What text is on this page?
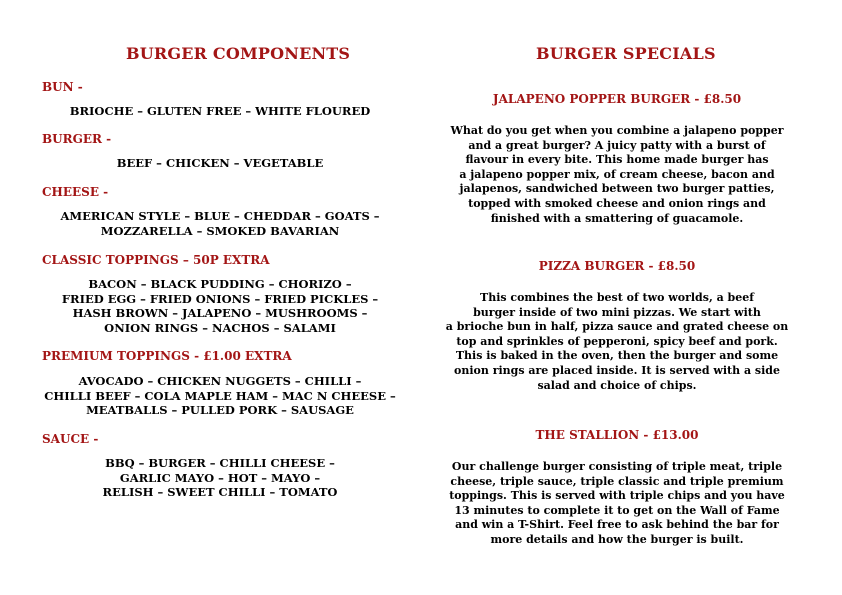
BURGER COMPONENTS
BUN -
BRIOCHE – GLUTEN FREE – WHITE FLOURED
BURGER -
BEEF – CHICKEN – VEGETABLE
CHEESE -
AMERICAN STYLE – BLUE – CHEDDAR – GOATS –
MOZZARELLA – SMOKED BAVARIAN
CLASSIC TOPPINGS – 50P EXTRA
BACON – BLACK PUDDING – CHORIZO –
FRIED EGG – FRIED ONIONS – FRIED PICKLES –
HASH BROWN – JALAPENO – MUSHROOMS –
ONION RINGS – NACHOS – SALAMI
PREMIUM TOPPINGS - £1.00 EXTRA
AVOCADO – CHICKEN NUGGETS – CHILLI –
CHILLI BEEF – COLA MAPLE HAM – MAC N CHEESE –
MEATBALLS – PULLED PORK – SAUSAGE
SAUCE -
BBQ – BURGER – CHILLI CHEESE –
GARLIC MAYO – HOT – MAYO –
RELISH – SWEET CHILLI – TOMATO
BURGER SPECIALS
JALAPENO POPPER BURGER - £8.50
What do you get when you combine a jalapeno popper
and a great burger? A juicy patty with a burst of
flavour in every bite. This home made burger has
a jalapeno popper mix, of cream cheese, bacon and
jalapenos, sandwiched between two burger patties,
topped with smoked cheese and onion rings and
finished with a smattering of guacamole.
PIZZA BURGER - £8.50
This combines the best of two worlds, a beef
burger inside of two mini pizzas. We start with
a brioche bun in half, pizza sauce and grated cheese on
top and sprinkles of pepperoni, spicy beef and pork.
This is baked in the oven, then the burger and some
onion rings are placed inside. It is served with a side
salad and choice of chips.
THE STALLION - £13.00
Our challenge burger consisting of triple meat, triple
cheese, triple sauce, triple classic and triple premium
toppings. This is served with triple chips and you have
13 minutes to complete it to get on the Wall of Fame
and win a T-Shirt. Feel free to ask behind the bar for
more details and how the burger is built.
